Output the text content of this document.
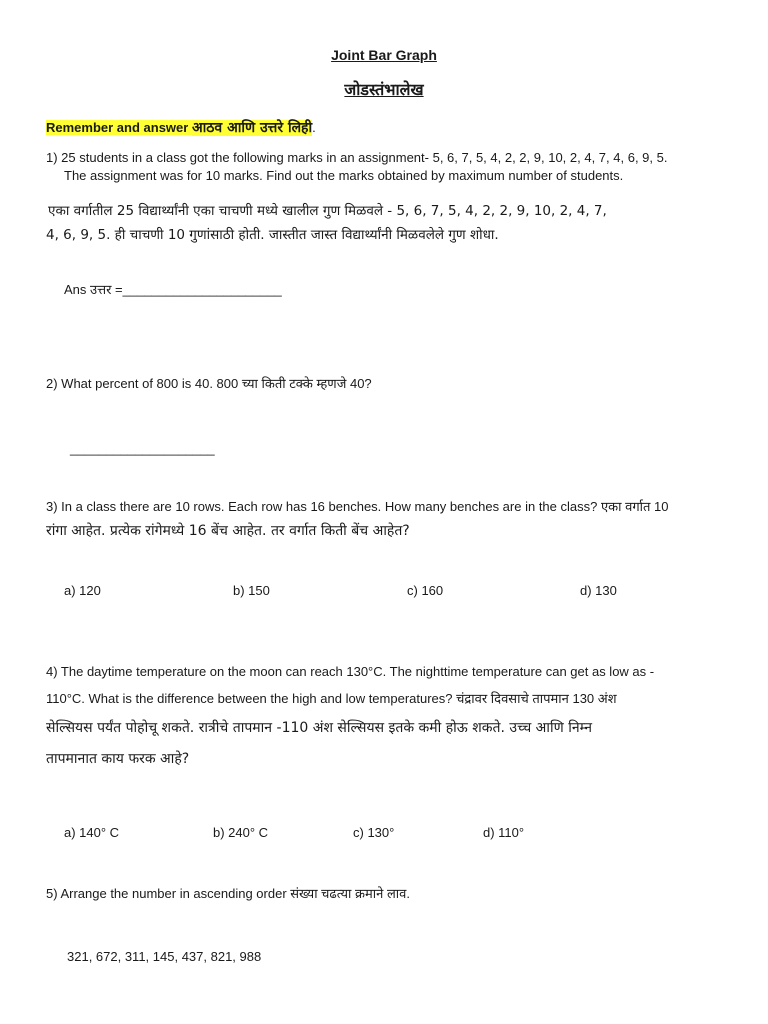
Joint Bar Graph
जोडस्तंभालेख
Remember and answer आठव आणि उत्तरे लिही.
1) 25 students in a class got the following marks in an assignment- 5, 6, 7, 5, 4, 2, 2, 9, 10, 2, 4, 7, 4, 6, 9, 5.
The assignment was for 10 marks. Find out the marks obtained by maximum number of students.
एका वर्गातील 25 विद्यार्थ्यांनी एका चाचणी मध्ये खालील गुण मिळवले - 5, 6, 7, 5, 4, 2, 2, 9, 10, 2, 4, 7,
4, 6, 9, 5. ही चाचणी 10 गुणांसाठी होती. जास्तीत जास्त विद्यार्थ्यांनी मिळवलेले गुण शोधा.
Ans उत्तर =______________________
2) What percent of 800 is 40. 800 च्या किती टक्के म्हणजे 40?
____________________
3) In a class there are 10 rows. Each row has 16 benches. How many benches are in the class? एका वर्गात 10
रांगा आहेत. प्रत्येक रांगेमध्ये 16 बेंच आहेत. तर वर्गात किती बेंच आहेत?
a) 120	b) 150	c) 160	d) 130
4) The daytime temperature on the moon can reach 130°C. The nighttime temperature can get as low as -
110°C. What is the difference between the high and low temperatures? चंद्रावर दिवसाचे तापमान 130 अंश
सेल्सियस पर्यंत पोहोचू शकते. रात्रीचे तापमान -110 अंश सेल्सियस इतके कमी होऊ शकते. उच्च आणि निम्न
तापमानात काय फरक आहे?
a) 140° C	b) 240° C	c) 130°	d) 110°
5) Arrange the number in ascending order संख्या चढत्या क्रमाने लाव.
321, 672, 311, 145, 437, 821, 988
